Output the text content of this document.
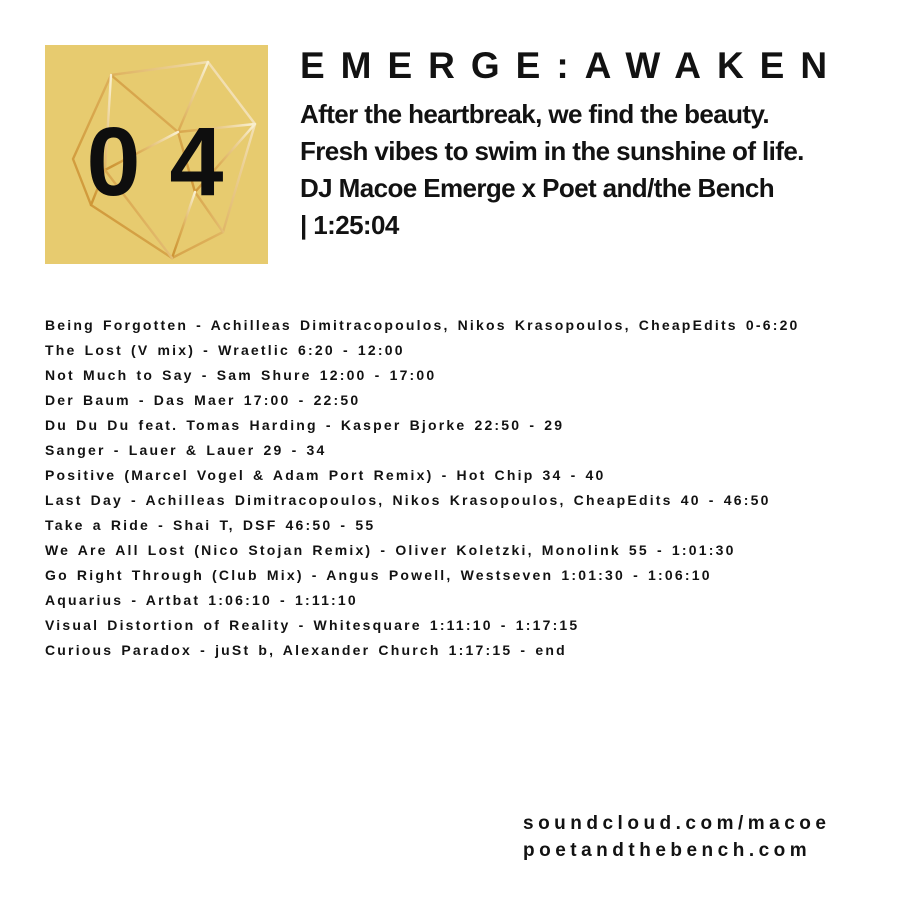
04
EMERGE:AWAKEN
After the heartbreak, we find the beauty.
Fresh vibes to swim in the sunshine of life.
DJ Macoe Emerge x Poet and/the Bench
| 1:25:04
Being Forgotten - Achilleas Dimitracopoulos, Nikos Krasopoulos, CheapEdits 0-6:20
The Lost (V mix) - Wraetlic 6:20 - 12:00
Not Much to Say - Sam Shure 12:00 - 17:00
Der Baum - Das Maer 17:00 - 22:50
Du Du Du feat. Tomas Harding - Kasper Bjorke 22:50 - 29
Sanger - Lauer & Lauer 29 - 34
Positive (Marcel Vogel & Adam Port Remix) - Hot Chip 34 - 40
Last Day - Achilleas Dimitracopoulos, Nikos Krasopoulos, CheapEdits 40 - 46:50
Take a Ride - Shai T, DSF 46:50 - 55
We Are All Lost (Nico Stojan Remix) - Oliver Koletzki, Monolink 55 - 1:01:30
Go Right Through (Club Mix) - Angus Powell, Westseven 1:01:30 - 1:06:10
Aquarius - Artbat 1:06:10 - 1:11:10
Visual Distortion of Reality - Whitesquare 1:11:10 - 1:17:15
Curious Paradox - juSt b, Alexander Church 1:17:15 - end
soundcloud.com/macoe
poetandthebench.com
